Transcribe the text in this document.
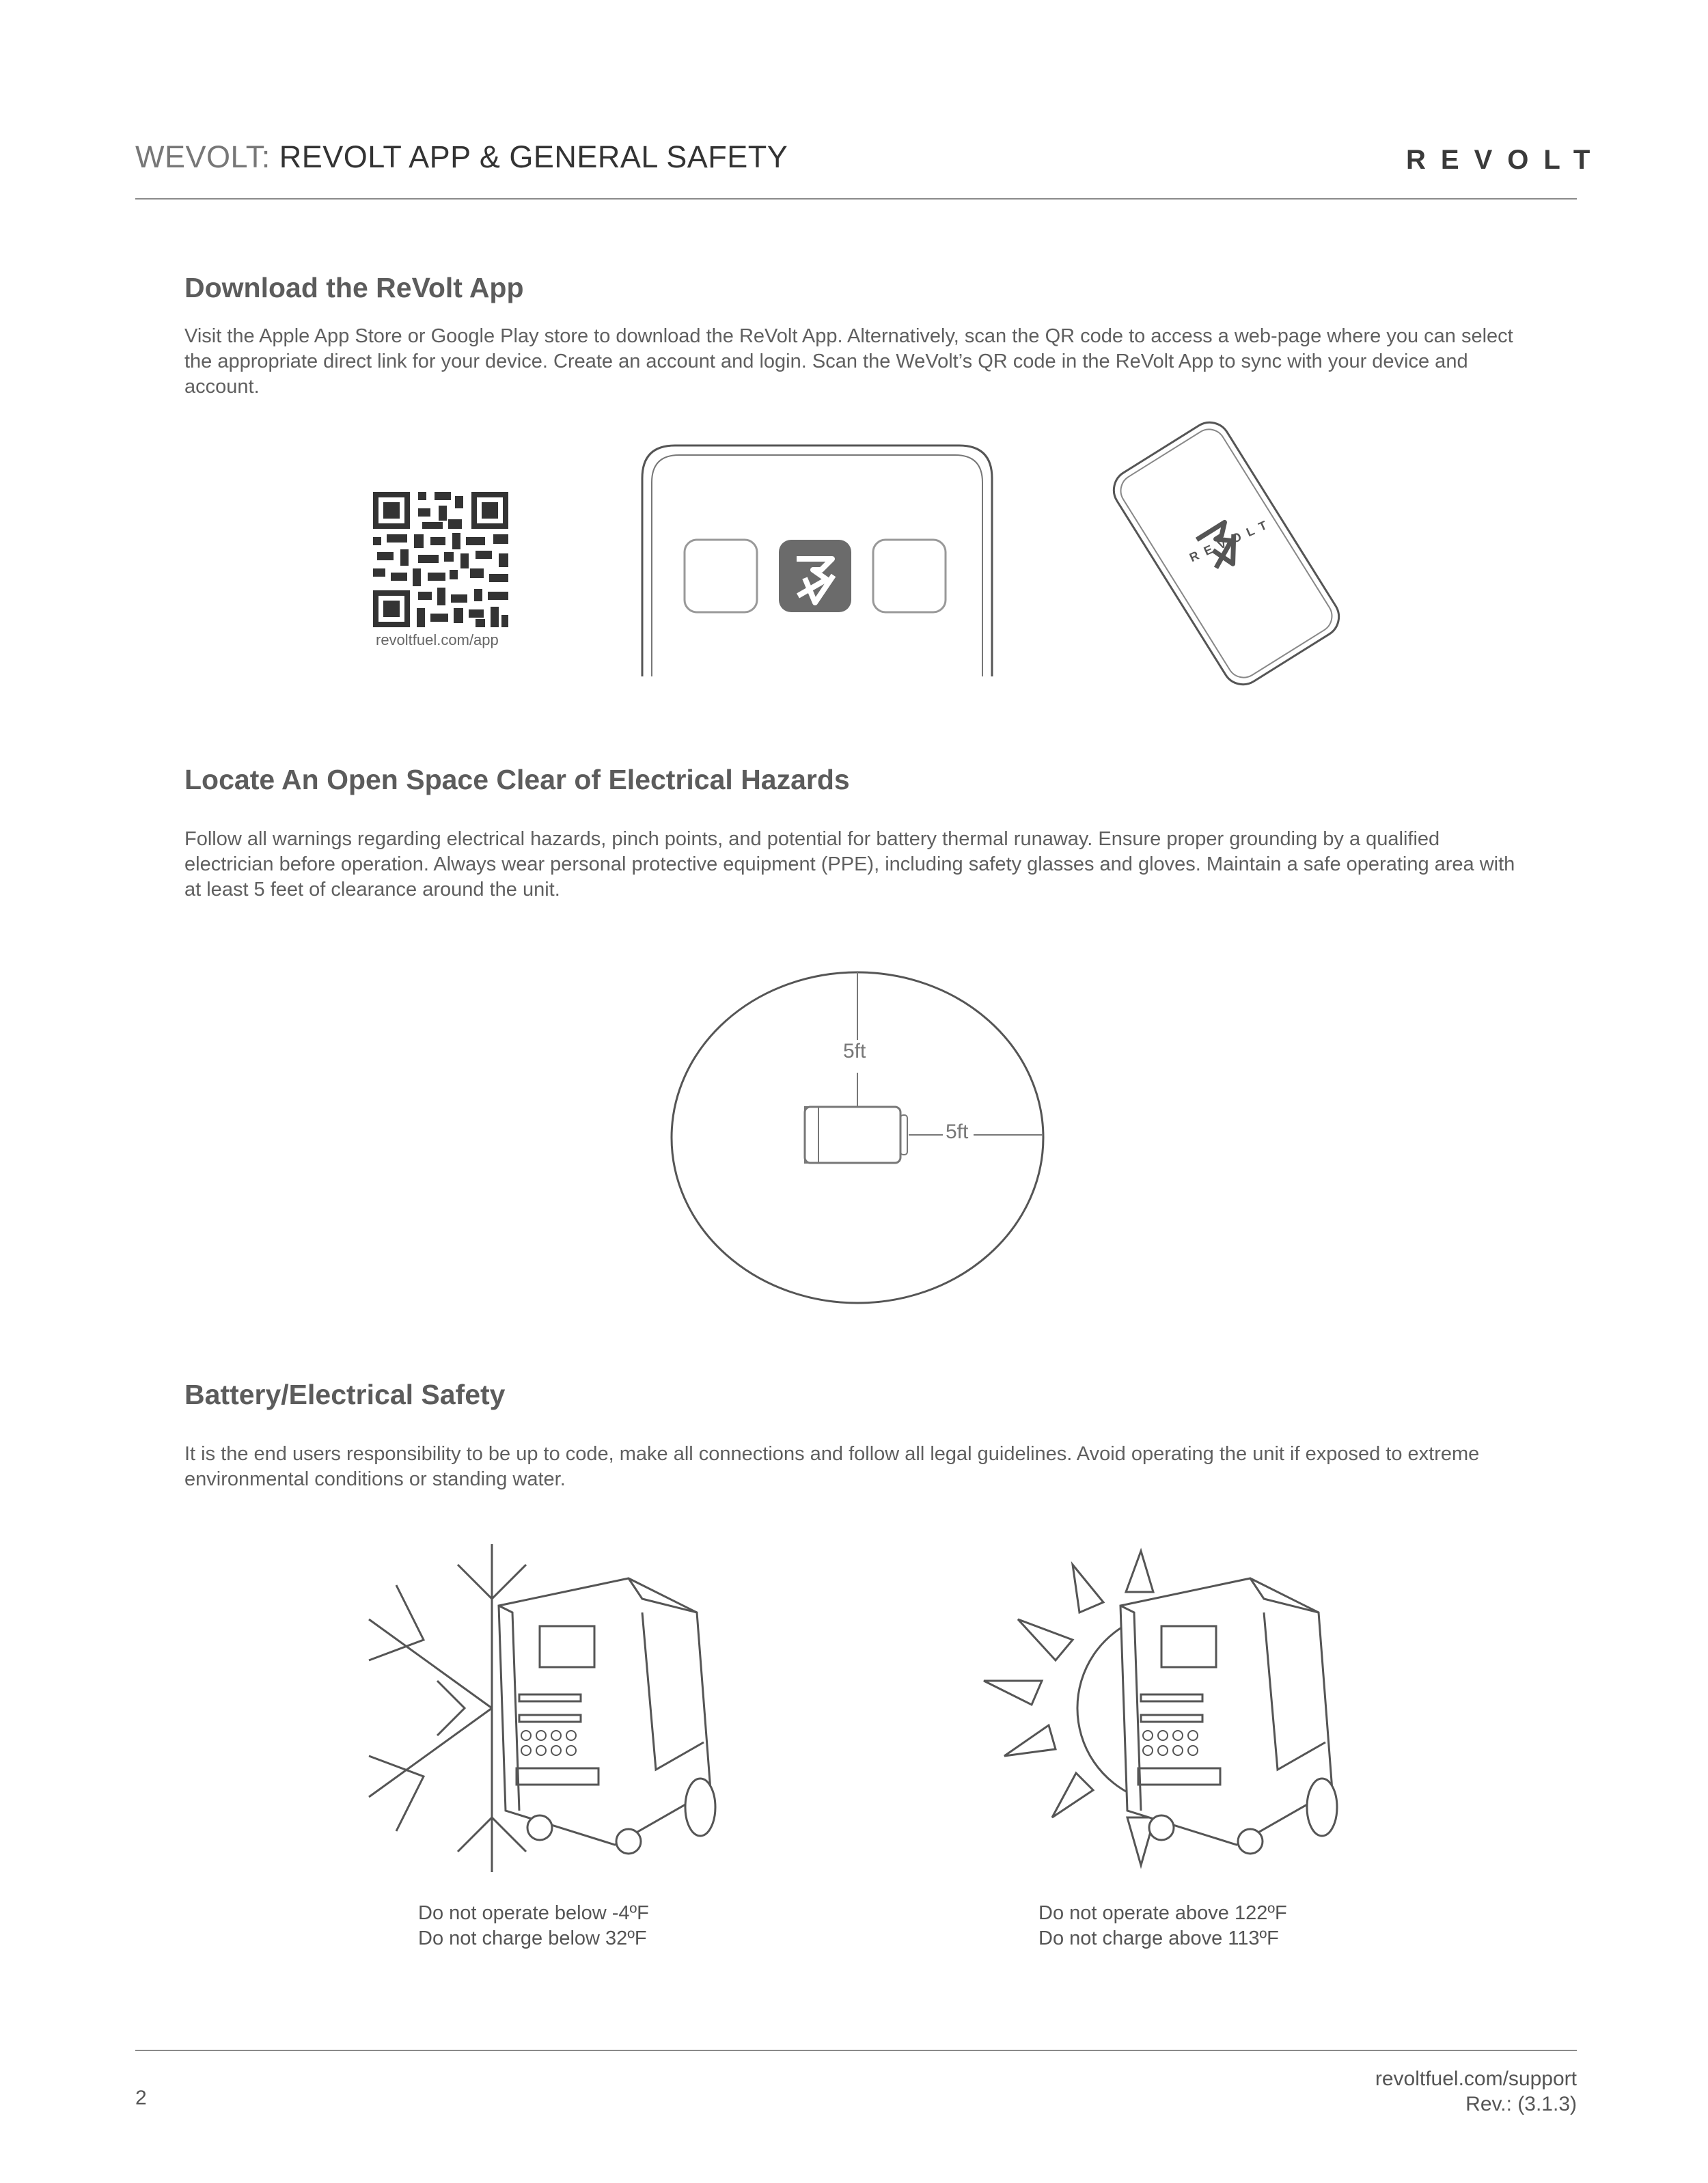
WEVOLT: REVOLT APP & GENERAL SAFETY	REVOLT
Download the ReVolt App
Visit the Apple App Store or Google Play store to download the ReVolt App. Alternatively, scan the QR code to access a web-page where you can select the appropriate direct link for your device. Create an account and login. Scan the WeVolt’s QR code in the ReVolt App to sync with your device and account.
revoltfuel.com/app
REVOLT
Locate An Open Space Clear of Electrical Hazards
Follow all warnings regarding electrical hazards, pinch points, and potential for battery thermal runaway. Ensure proper grounding by a qualified electrician before operation. Always wear personal protective equipment (PPE), including safety glasses and gloves. Maintain a safe operating area with at least 5 feet of clearance around the unit.
5ft
5ft
Battery/Electrical Safety
It is the end users responsibility to be up to code, make all connections and follow all legal guidelines. Avoid operating the unit if exposed to extreme environmental conditions or standing water.
Do not operate below -4ºF
Do not charge below 32ºF
Do not operate above 122ºF
Do not charge above 113ºF
2
revoltfuel.com/support
Rev.: (3.1.3)
